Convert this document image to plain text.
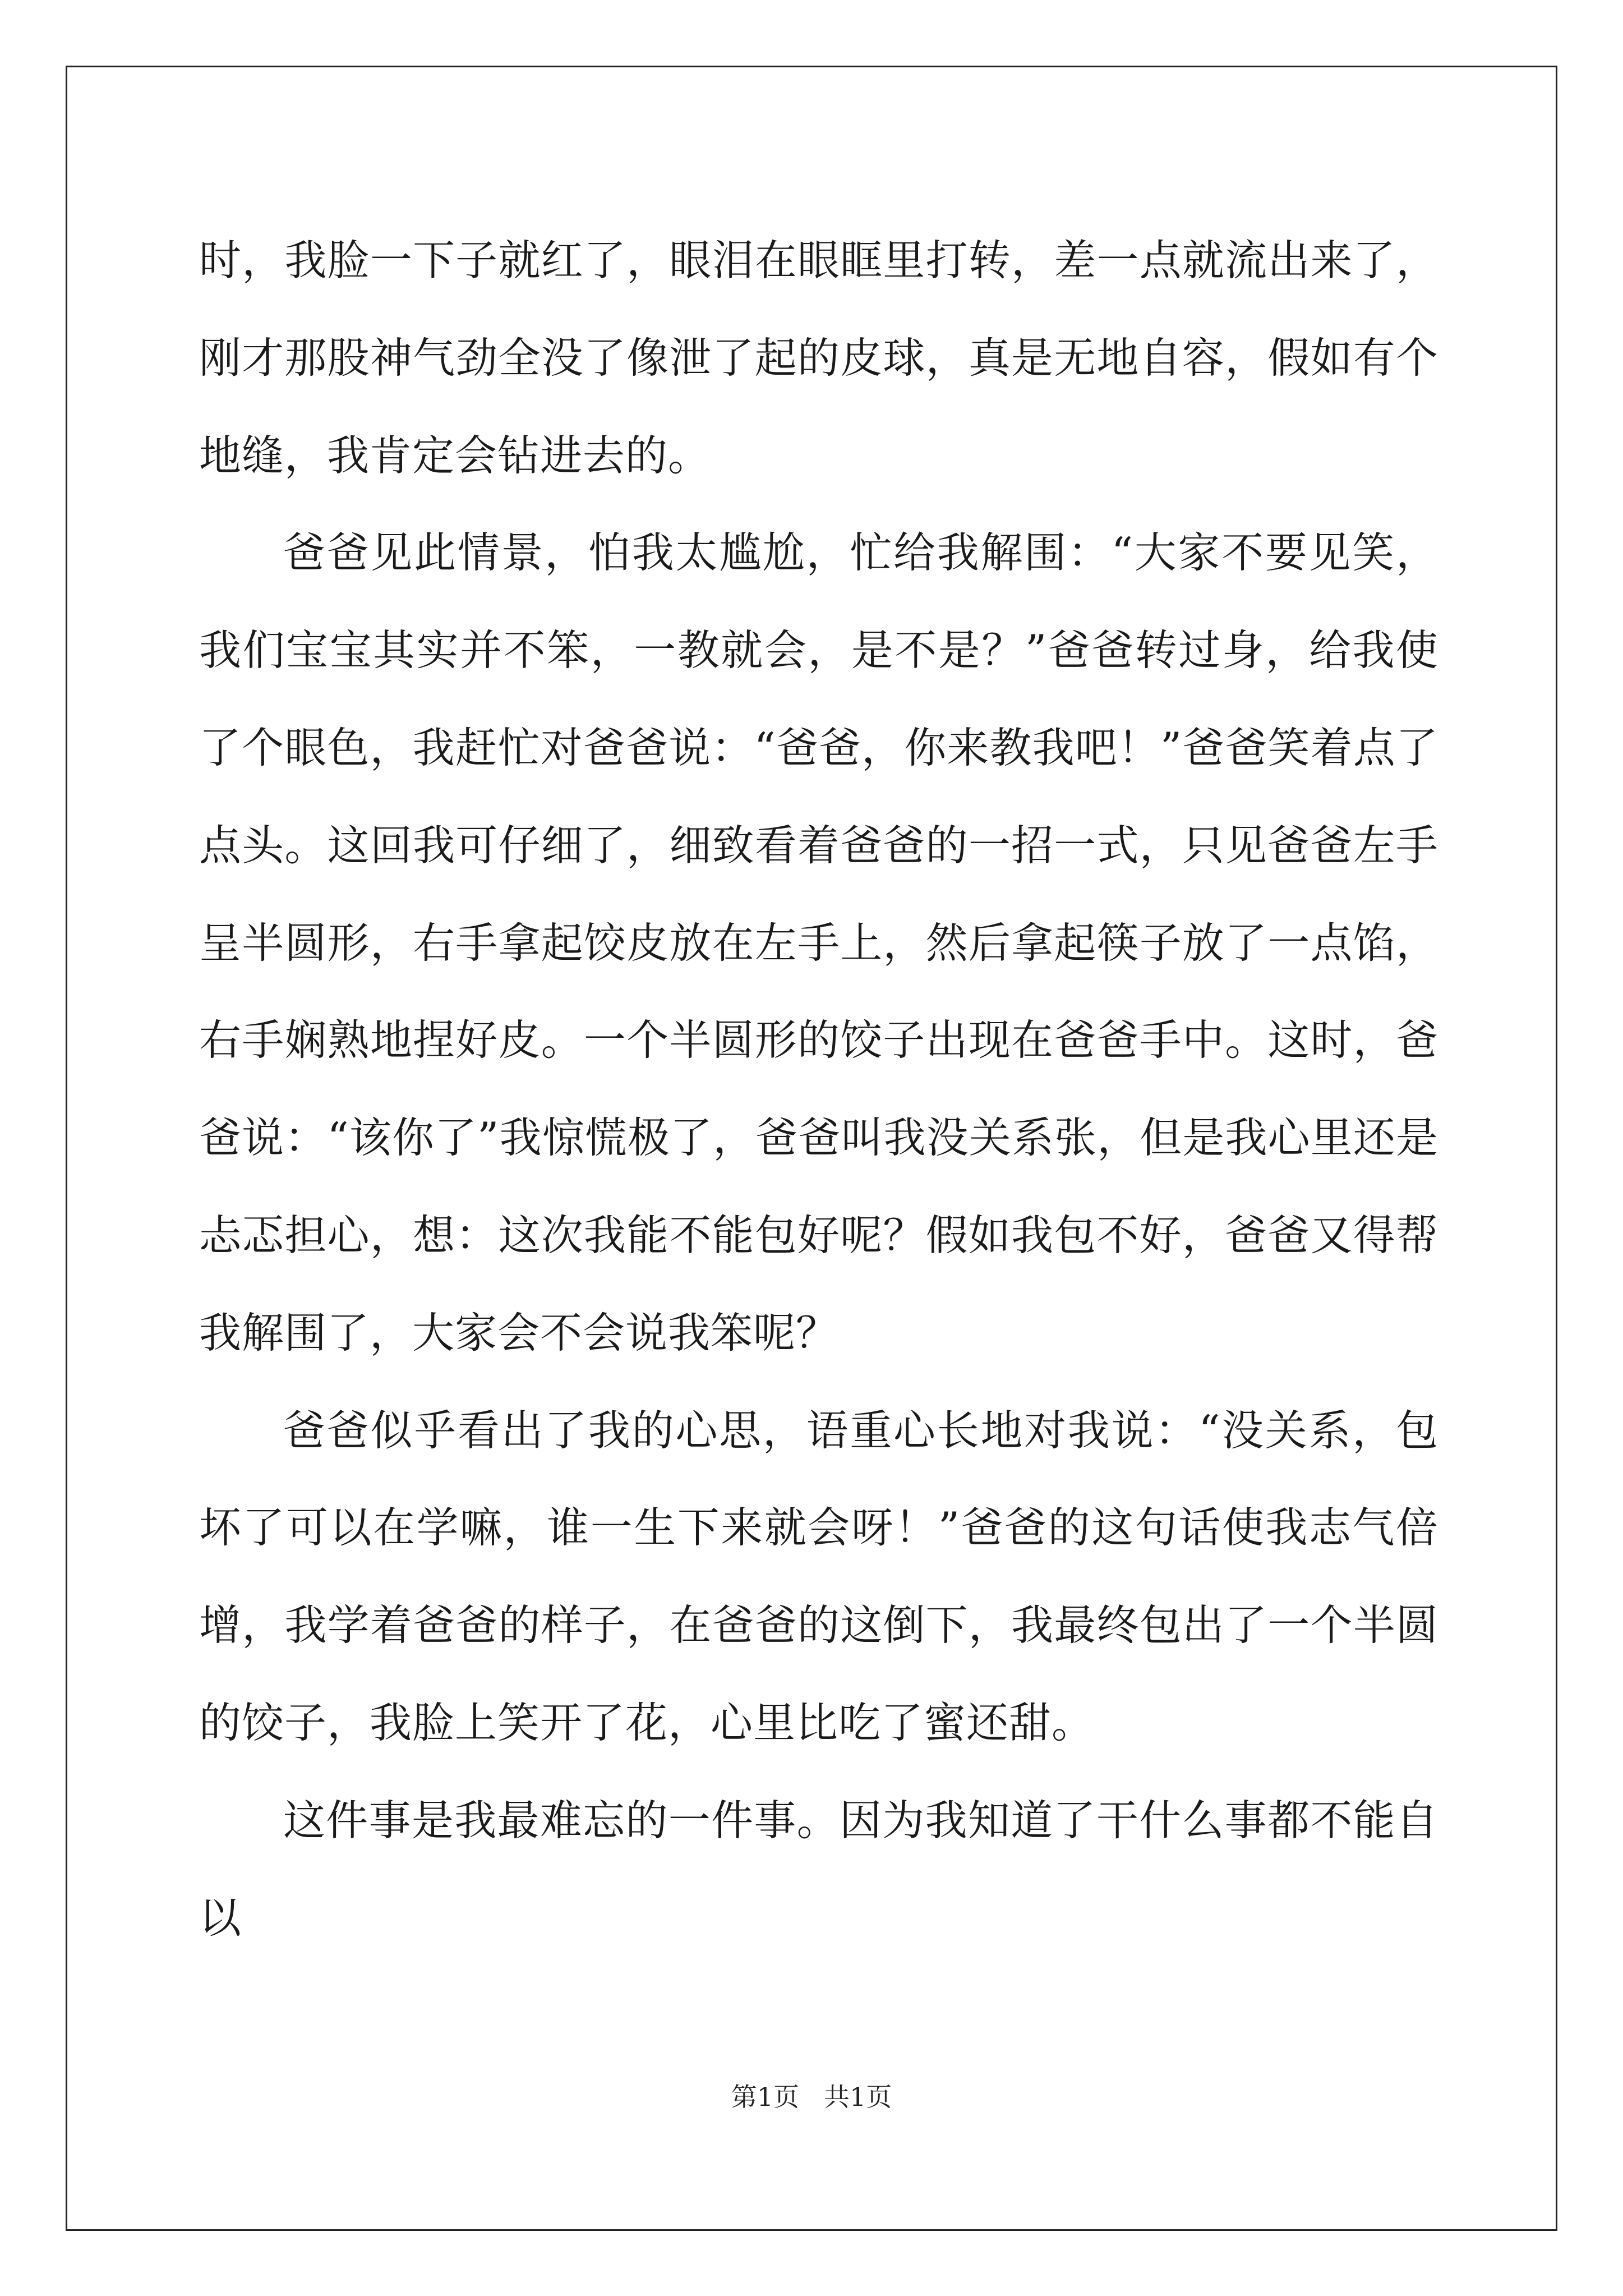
时，我脸一下子就红了，眼泪在眼眶里打转，差一点就流出来了，刚才那股神气劲全没了像泄了起的皮球，真是无地自容，假如有个地缝，我肯定会钻进去的。

爸爸见此情景，怕我太尴尬，忙给我解围：“大家不要见笑，我们宝宝其实并不笨，一教就会，是不是？”爸爸转过身，给我使了个眼色，我赶忙对爸爸说：“爸爸，你来教我吧！”爸爸笑着点了点头。这回我可仔细了，细致看着爸爸的一招一式，只见爸爸左手呈半圆形，右手拿起饺皮放在左手上，然后拿起筷子放了一点馅，右手娴熟地捏好皮。一个半圆形的饺子出现在爸爸手中。这时，爸爸说：“该你了”我惊慌极了，爸爸叫我没关系张，但是我心里还是忐忑担心，想：这次我能不能包好呢？假如我包不好，爸爸又得帮我解围了，大家会不会说我笨呢？

爸爸似乎看出了我的心思，语重心长地对我说：“没关系，包坏了可以在学嘛，谁一生下来就会呀！”爸爸的这句话使我志气倍增，我学着爸爸的样子，在爸爸的这倒下，我最终包出了一个半圆的饺子，我脸上笑开了花，心里比吃了蜜还甜。

这件事是我最难忘的一件事。因为我知道了干什么事都不能自以

第1页 共1页
